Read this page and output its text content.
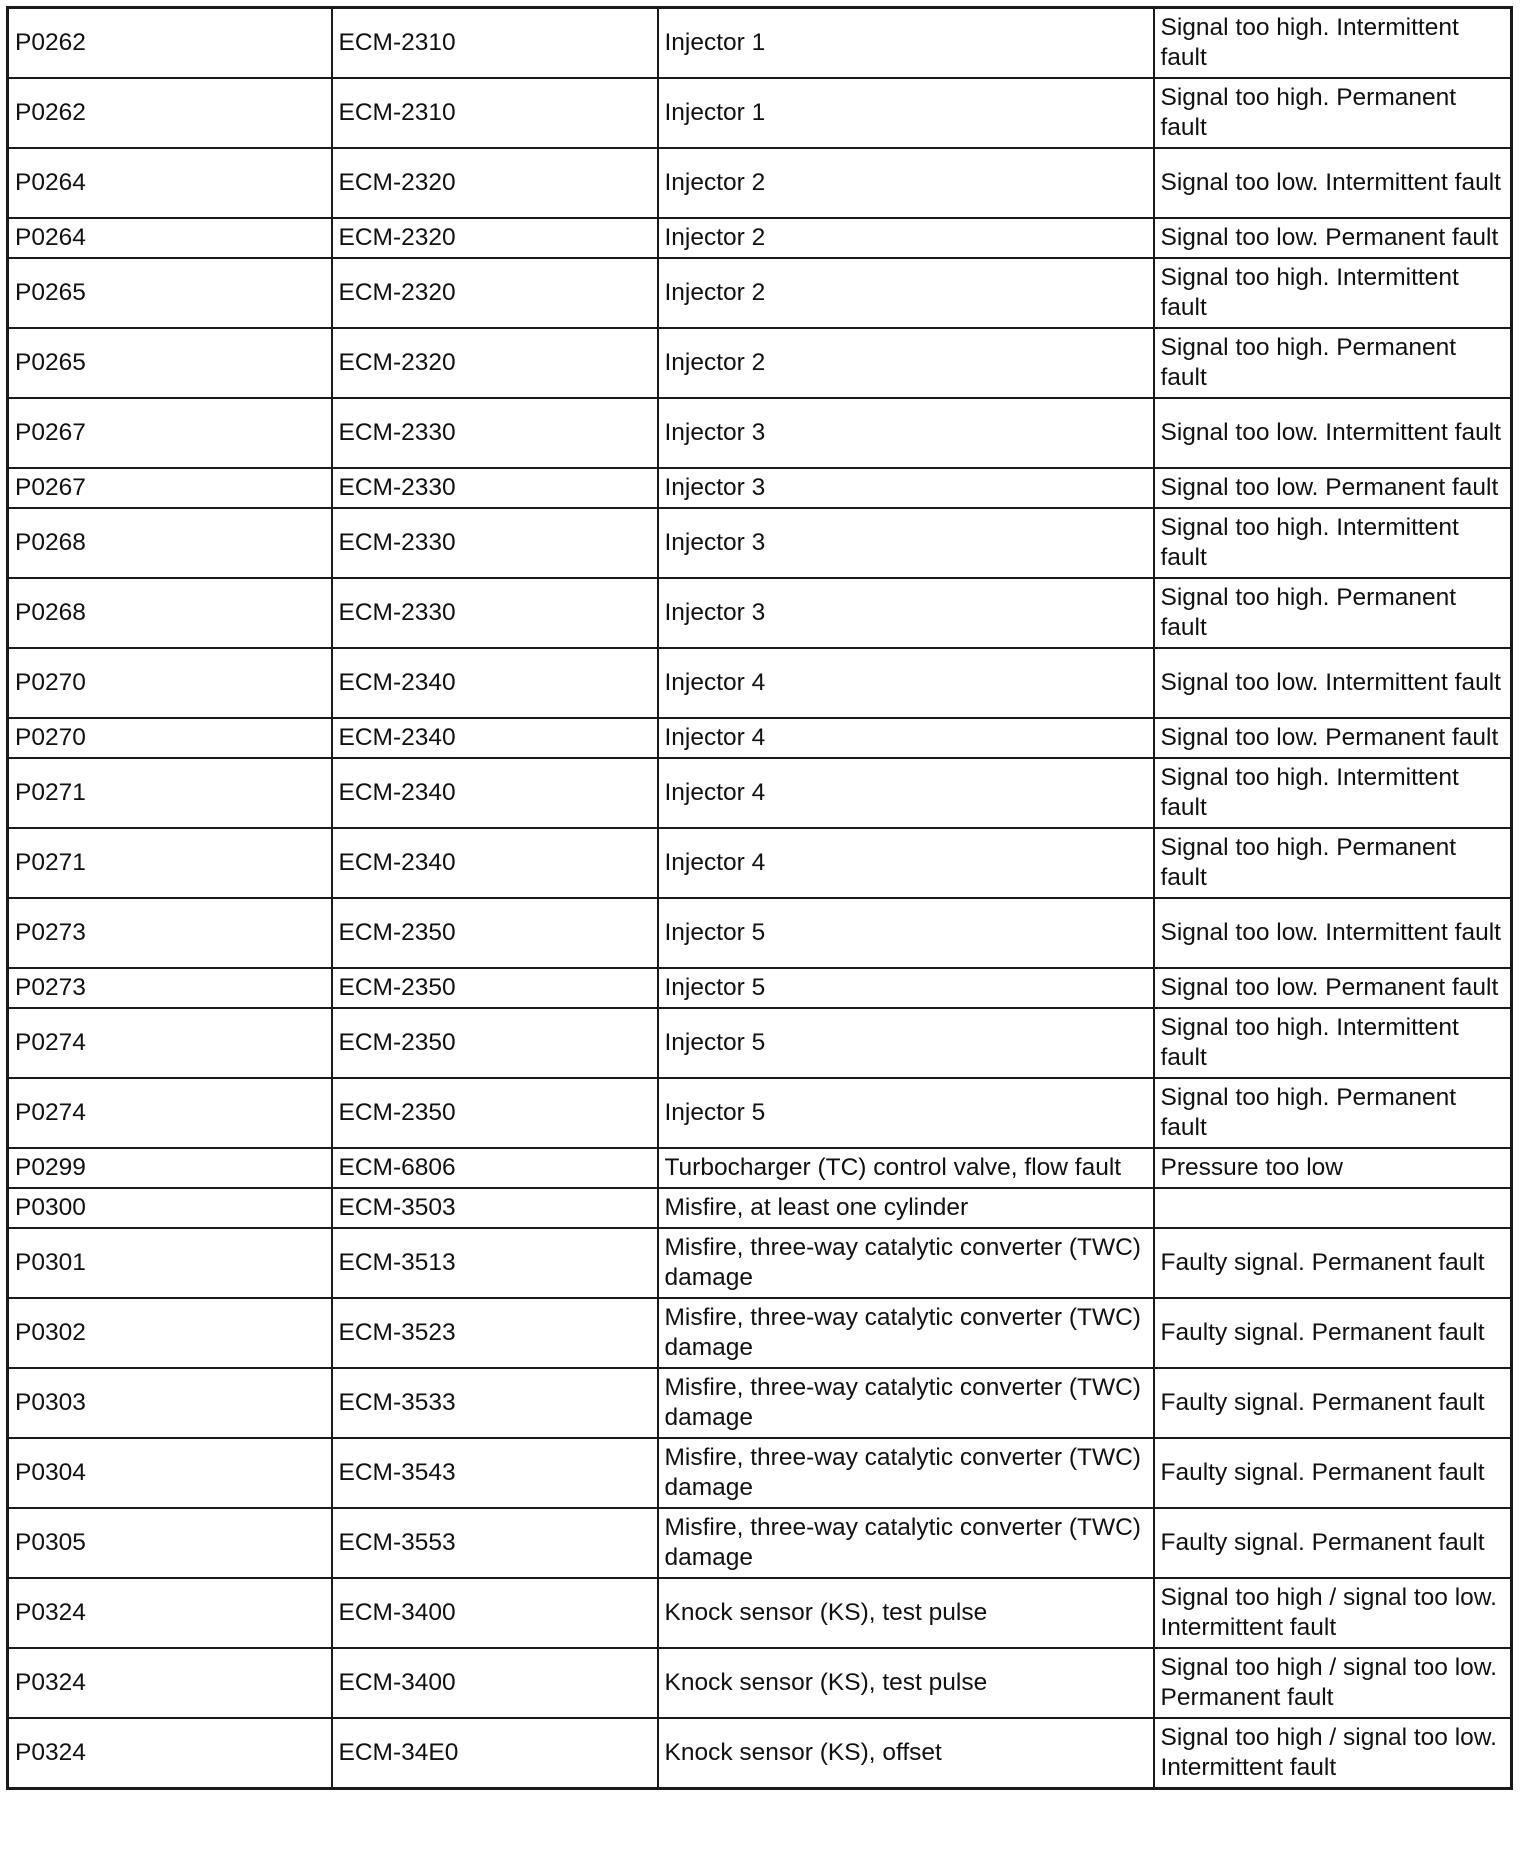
P0262	ECM-2310	Injector 1	Signal too high. Intermittent fault
P0262	ECM-2310	Injector 1	Signal too high. Permanent fault
P0264	ECM-2320	Injector 2	Signal too low. Intermittent fault
P0264	ECM-2320	Injector 2	Signal too low. Permanent fault
P0265	ECM-2320	Injector 2	Signal too high. Intermittent fault
P0265	ECM-2320	Injector 2	Signal too high. Permanent fault
P0267	ECM-2330	Injector 3	Signal too low. Intermittent fault
P0267	ECM-2330	Injector 3	Signal too low. Permanent fault
P0268	ECM-2330	Injector 3	Signal too high. Intermittent fault
P0268	ECM-2330	Injector 3	Signal too high. Permanent fault
P0270	ECM-2340	Injector 4	Signal too low. Intermittent fault
P0270	ECM-2340	Injector 4	Signal too low. Permanent fault
P0271	ECM-2340	Injector 4	Signal too high. Intermittent fault
P0271	ECM-2340	Injector 4	Signal too high. Permanent fault
P0273	ECM-2350	Injector 5	Signal too low. Intermittent fault
P0273	ECM-2350	Injector 5	Signal too low. Permanent fault
P0274	ECM-2350	Injector 5	Signal too high. Intermittent fault
P0274	ECM-2350	Injector 5	Signal too high. Permanent fault
P0299	ECM-6806	Turbocharger (TC) control valve, flow fault	Pressure too low
P0300	ECM-3503	Misfire, at least one cylinder	
P0301	ECM-3513	Misfire, three-way catalytic converter (TWC) damage	Faulty signal. Permanent fault
P0302	ECM-3523	Misfire, three-way catalytic converter (TWC) damage	Faulty signal. Permanent fault
P0303	ECM-3533	Misfire, three-way catalytic converter (TWC) damage	Faulty signal. Permanent fault
P0304	ECM-3543	Misfire, three-way catalytic converter (TWC) damage	Faulty signal. Permanent fault
P0305	ECM-3553	Misfire, three-way catalytic converter (TWC) damage	Faulty signal. Permanent fault
P0324	ECM-3400	Knock sensor (KS), test pulse	Signal too high / signal too low. Intermittent fault
P0324	ECM-3400	Knock sensor (KS), test pulse	Signal too high / signal too low. Permanent fault
P0324	ECM-34E0	Knock sensor (KS), offset	Signal too high / signal too low. Intermittent fault
